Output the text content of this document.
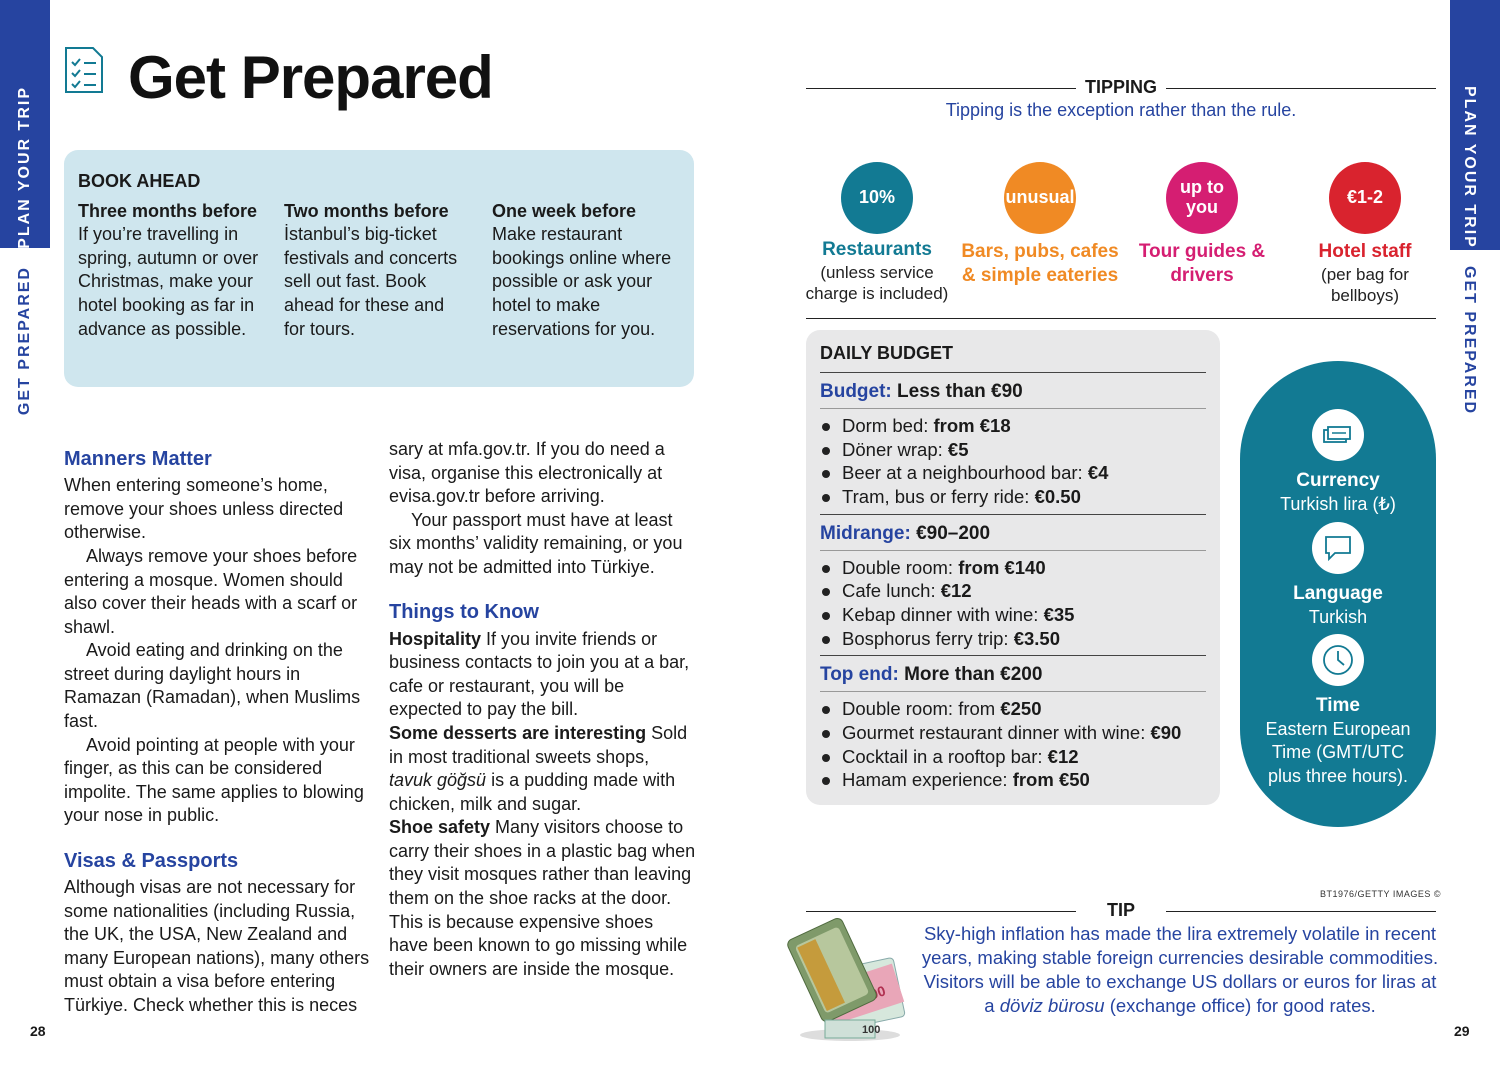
PLAN YOUR TRIP
GET PREPARED
Get Prepared
BOOK AHEAD
Three months before
If you’re travelling in spring, autumn or over Christmas, make your hotel booking as far in advance as possible.
Two months before
İstanbul’s big-ticket festivals and concerts sell out fast. Book ahead for these and for tours.
One week before Make restaurant bookings online where possible or ask your hotel to make reservations for you.
Manners Matter

When entering someone’s home, remove your shoes unless directed otherwise.

Always remove your shoes before entering a mosque. Women should also cover their heads with a scarf or shawl.

Avoid eating and drinking on the street during daylight hours in Ramazan (Ramadan), when Muslims fast.

Avoid pointing at people with your finger, as this can be considered impolite. The same applies to blowing your nose in public.

Visas & Passports

Although visas are not necessary for some nationalities (including Russia, the UK, the USA, New Zealand and many European nations), many others must obtain a visa before entering Türkiye. Check whether this is neces

sary at mfa.gov.tr. If you do need a visa, organise this electronically at evisa.gov.tr before arriving.

Your passport must have at least six months’ validity remaining, or you may not be admitted into Türkiye.

Things to Know

Hospitality If you invite friends or business contacts to join you at a bar, cafe or restaurant, you will be expected to pay the bill.

Some desserts are interesting Sold in most traditional sweets shops, tavuk göğsü is a pudding made with chicken, milk and sugar.

Shoe safety Many visitors choose to carry their shoes in a plastic bag when they visit mosques rather than leaving them on the shoe racks at the door. This is because expensive shoes have been known to go missing while their owners are inside the mosque.

28
PLAN YOUR TRIP
GET PREPARED
TIPPING
Tipping is the exception rather than the rule.
10%
Restaurants
(unless service charge is included)
unusual
Bars, pubs, cafes & simple eateries
up to you
Tour guides & drivers
€1-2
Hotel staff
(per bag for bellboys)
DAILY BUDGET
Budget: Less than €90
Dorm bed: from €18
Döner wrap: €5
Beer at a neighbourhood bar: €4
Tram, bus or ferry ride: €0.50
Midrange: €90–200
Double room: from €140
Cafe lunch: €12
Kebap dinner with wine: €35
Bosphorus ferry trip: €3.50
Top end: More than €200
Double room: from €250
Gourmet restaurant dinner with wine: €90
Cocktail in a rooftop bar: €12
Hamam experience: from €50
Currency
Turkish lira (₺)
Language
Turkish
Time
Eastern European Time (GMT/UTC plus three hours).
BT1976/GETTY IMAGES ©
100
TIP
Sky-high inflation has made the lira extremely volatile in recent years, making stable foreign currencies desirable commodities. Visitors will be able to exchange US dollars or euros for liras at a döviz bürosu (exchange office) for good rates.
29
